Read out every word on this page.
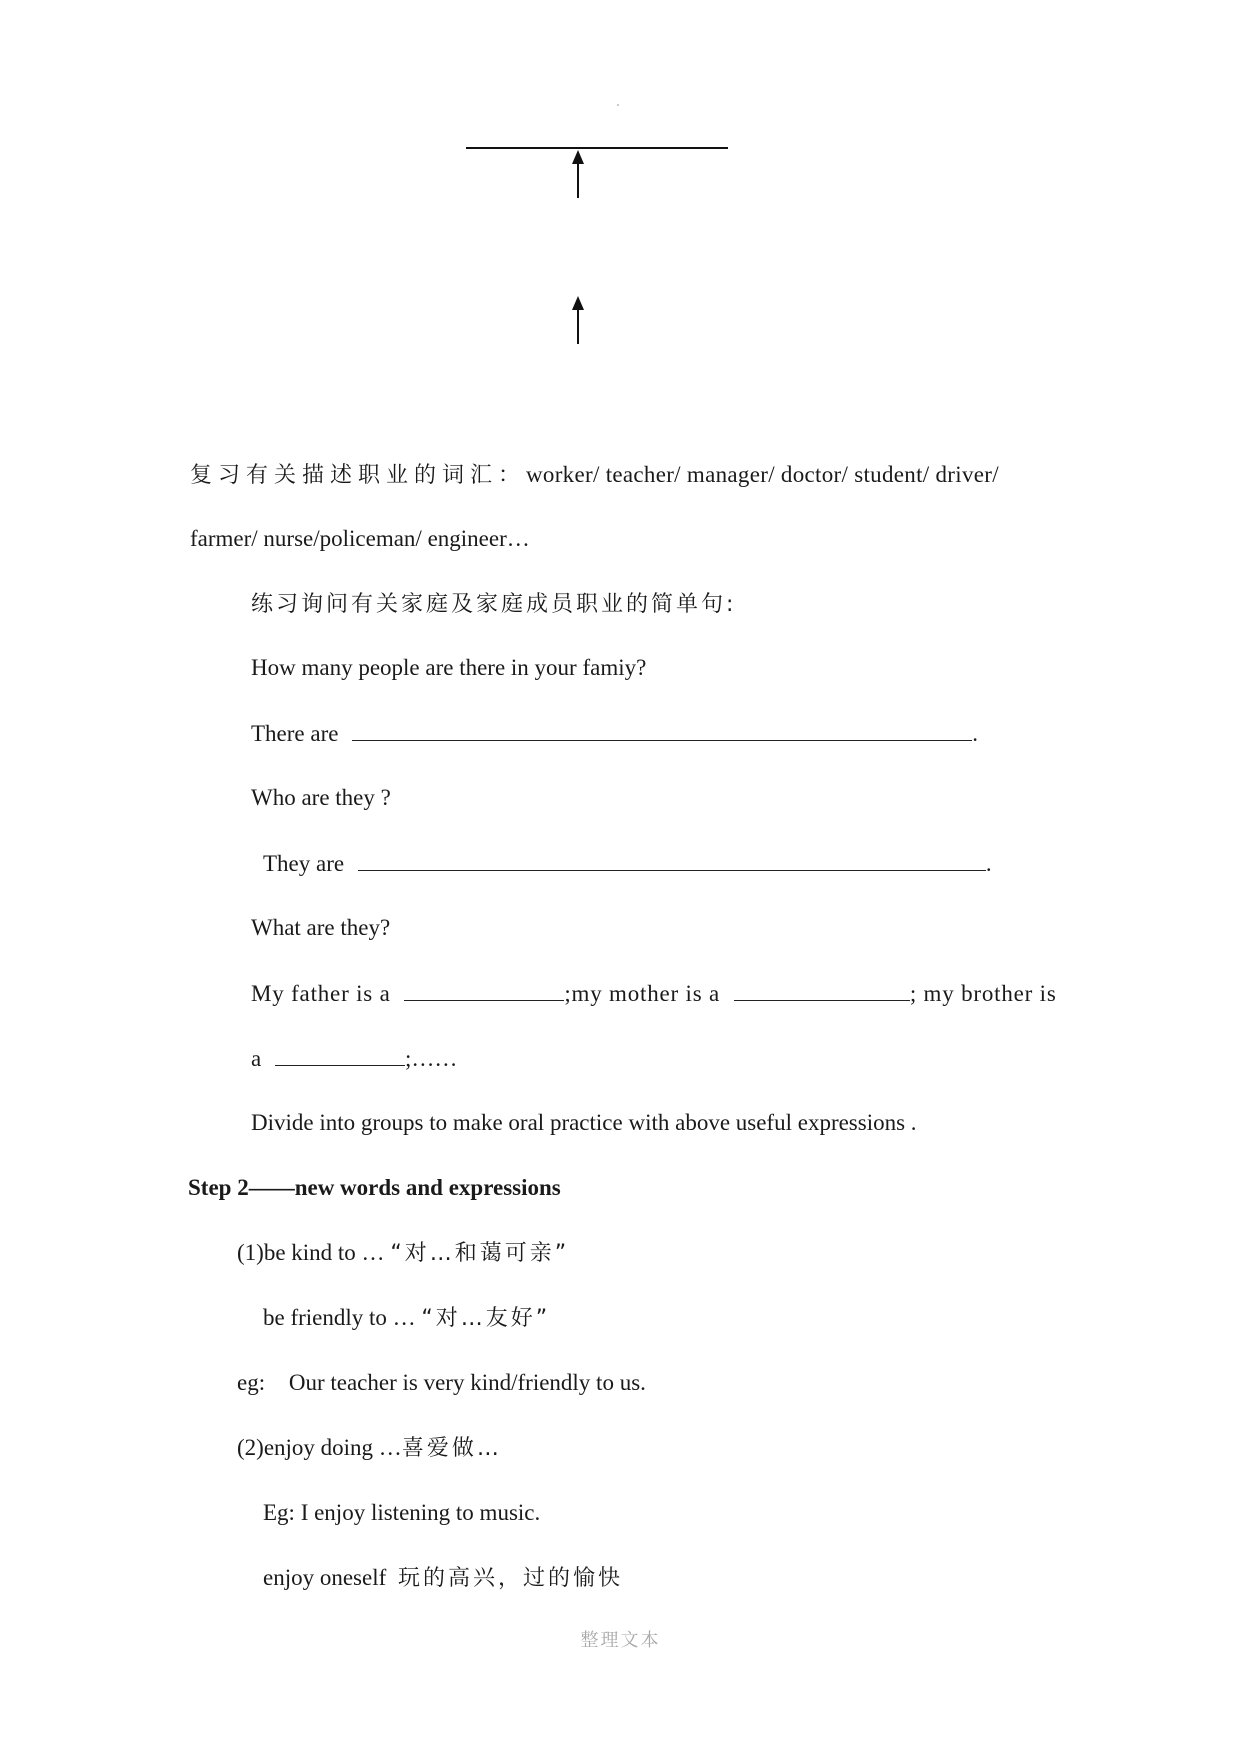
复习有关描述职业的词汇：worker/ teacher/ manager/ doctor/ student/ driver/
farmer/ nurse/policeman/ engineer…
练习询问有关家庭及家庭成员职业的简单句:
How many people are there in your famiy?
There are	.
Who are they ?
They are	.
What are they?
My father is a	;my mother is a	; my brother is
a	;……
Divide into groups to make oral practice with above useful expressions .
Step 2——new words and expressions
(1)be kind to … “对…和蔼可亲”
be friendly to … “对…友好”
eg: Our teacher is very kind/friendly to us.
(2)enjoy doing …喜爱做…
Eg: I enjoy listening to music.
enjoy oneself 玩的高兴，过的愉快
整理文本
